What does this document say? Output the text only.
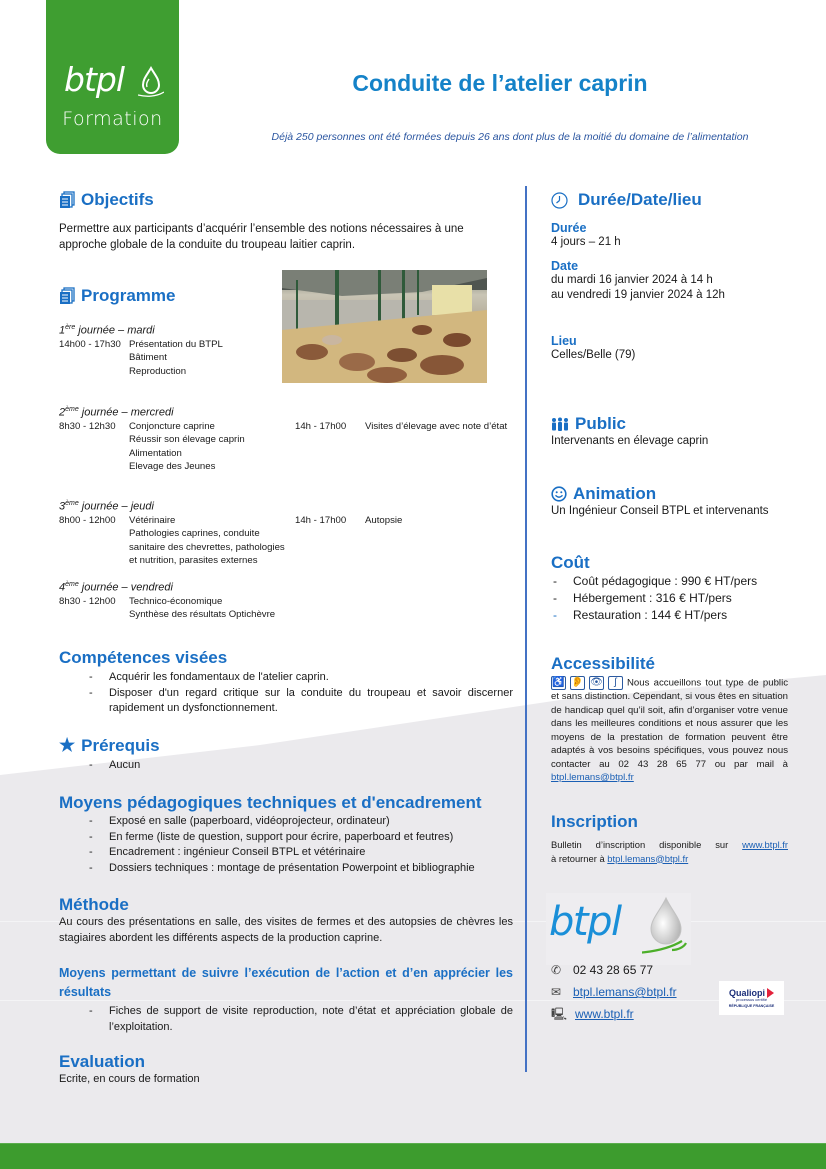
btpl
Formation
Conduite de l’atelier caprin
Déjà 250 personnes ont été formées depuis 26 ans dont plus de la moitié du domaine de l’alimentation
Objectifs

Permettre aux participants d’acquérir l’ensemble des notions nécessaires à une approche globale de la conduite du troupeau laitier caprin.

Programme
1ère journée – mardi
14h00 - 17h30 Présentation du BTPL
Bâtiment
Reproduction
2ème journée – mercredi
8h30 - 12h30	Conjoncture caprine	14h - 17h00	Visites d’élevage avec note d’état
Réussir son élevage caprin
Alimentation
Elevage des Jeunes
3ème journée – jeudi
8h00 - 12h00	Vétérinaire	14h - 17h00	Autopsie
Pathologies caprines, conduite
sanitaire des chevrettes, pathologies
et nutrition, parasites externes
4ème journée – vendredi
8h30 - 12h00	Technico-économique
Synthèse des résultats Optichèvre
Compétences visées
-	Acquérir les fondamentaux de l'atelier caprin.
-	Disposer d'un regard critique sur la conduite du troupeau et savoir discerner rapidement un dysfonctionnement.
★ Prérequis
-	Aucun
Moyens pédagogiques techniques et d'encadrement
-	Exposé en salle (paperboard, vidéoprojecteur, ordinateur)
-	En ferme (liste de question, support pour écrire, paperboard et feutres)
-	Encadrement : ingénieur Conseil BTPL et vétérinaire
-	Dossiers techniques : montage de présentation Powerpoint et bibliographie
Méthode

Au cours des présentations en salle, des visites de fermes et des autopsies de chèvres les stagiaires abordent les différents aspects de la production caprine.

Moyens permettant de suivre l’exécution de l’action et d’en apprécier les résultats
-	Fiches de support de visite reproduction, note d’état et appréciation globale de l’exploitation.
Evaluation

Ecrite, en cours de formation

Durée/Date/lieu
Durée

4 jours – 21 h

Date

du mardi 16 janvier 2024 à 14 h

au vendredi 19 janvier 2024 à 12h

Lieu

Celles/Belle (79)

Public

Intervenants en élevage caprin

Animation

Un Ingénieur Conseil BTPL et intervenants

Coût
-	Coût pédagogique : 990 € HT/pers
-	Hébergement : 316 € HT/pers
-	Restauration : 144 € HT/pers
Accessibilité

♿ 👂 👁	ʃ	Nous accueillons tout type de public et sans distinction. Cependant, si vous êtes en situation de handicap quel qu’il soit, afin d’organiser votre venue dans les meilleures conditions et nous assurer que les moyens de la prestation de formation peuvent être adaptés à vos besoins spécifiques, vous pouvez nous contacter au 02 43 28 65 77 ou par mail à btpl.lemans@btpl.fr

Inscription

Bulletin d’inscription disponible sur www.btpl.fr

à retourner à btpl.lemans@btpl.fr

btpl
✆ 02 43 28 65 77
✉ btpl.lemans@btpl.fr
🖳 www.btpl.fr
Qualiopi
processus certifié
RÉPUBLIQUE FRANÇAISE
